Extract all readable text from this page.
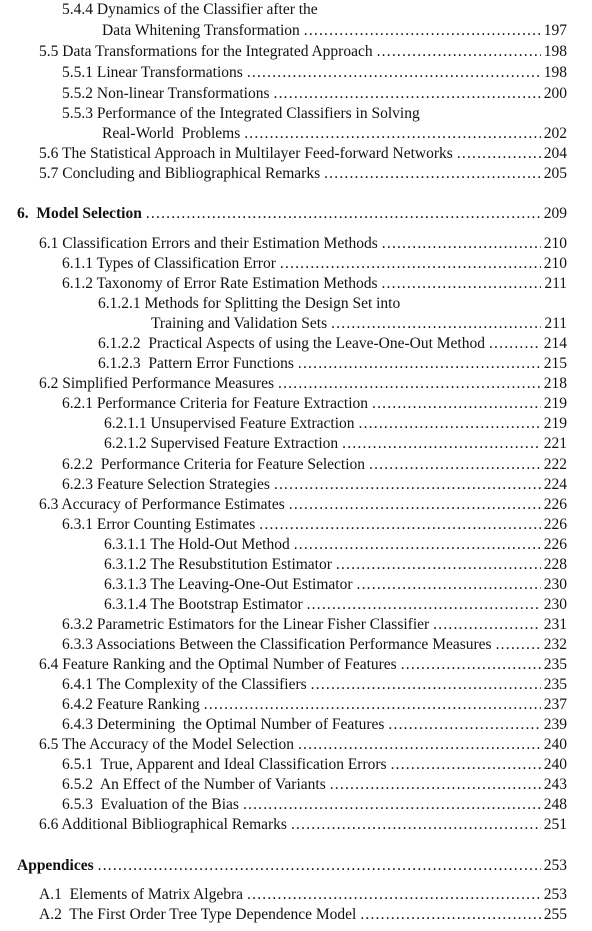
5.4.4 Dynamics of the Classifier after the
Data Whitening Transformation .....	197
5.5 Data Transformations for the Integrated Approach .....	198
5.5.1 Linear Transformations .....	198
5.5.2 Non-linear Transformations .....	200
5.5.3 Performance of the Integrated Classifiers in Solving
Real-World  Problems .....	202
5.6 The Statistical Approach in Multilayer Feed-forward Networks .....	204
5.7 Concluding and Bibliographical Remarks .....	205
6.  Model Selection .....	209
6.1 Classification Errors and their Estimation Methods .....	210
6.1.1 Types of Classification Error .....	210
6.1.2 Taxonomy of Error Rate Estimation Methods .....	211
6.1.2.1 Methods for Splitting the Design Set into
Training and Validation Sets .....	211
6.1.2.2  Practical Aspects of using the Leave-One-Out Method .....	214
6.1.2.3  Pattern Error Functions .....	215
6.2 Simplified Performance Measures .....	218
6.2.1 Performance Criteria for Feature Extraction .....	219
6.2.1.1 Unsupervised Feature Extraction .....	219
6.2.1.2 Supervised Feature Extraction .....	221
6.2.2  Performance Criteria for Feature Selection .....	222
6.2.3 Feature Selection Strategies .....	224
6.3 Accuracy of Performance Estimates .....	226
6.3.1 Error Counting Estimates .....	226
6.3.1.1 The Hold-Out Method .....	226
6.3.1.2 The Resubstitution Estimator .....	228
6.3.1.3 The Leaving-One-Out Estimator .....	230
6.3.1.4 The Bootstrap Estimator .....	230
6.3.2 Parametric Estimators for the Linear Fisher Classifier .....	231
6.3.3 Associations Between the Classification Performance Measures .....	232
6.4 Feature Ranking and the Optimal Number of Features .....	235
6.4.1 The Complexity of the Classifiers .....	235
6.4.2 Feature Ranking .....	237
6.4.3 Determining  the Optimal Number of Features .....	239
6.5 The Accuracy of the Model Selection .....	240
6.5.1  True, Apparent and Ideal Classification Errors .....	240
6.5.2  An Effect of the Number of Variants .....	243
6.5.3  Evaluation of the Bias .....	248
6.6 Additional Bibliographical Remarks .....	251
Appendices .....	253
A.1  Elements of Matrix Algebra .....	253
A.2  The First Order Tree Type Dependence Model .....	255
